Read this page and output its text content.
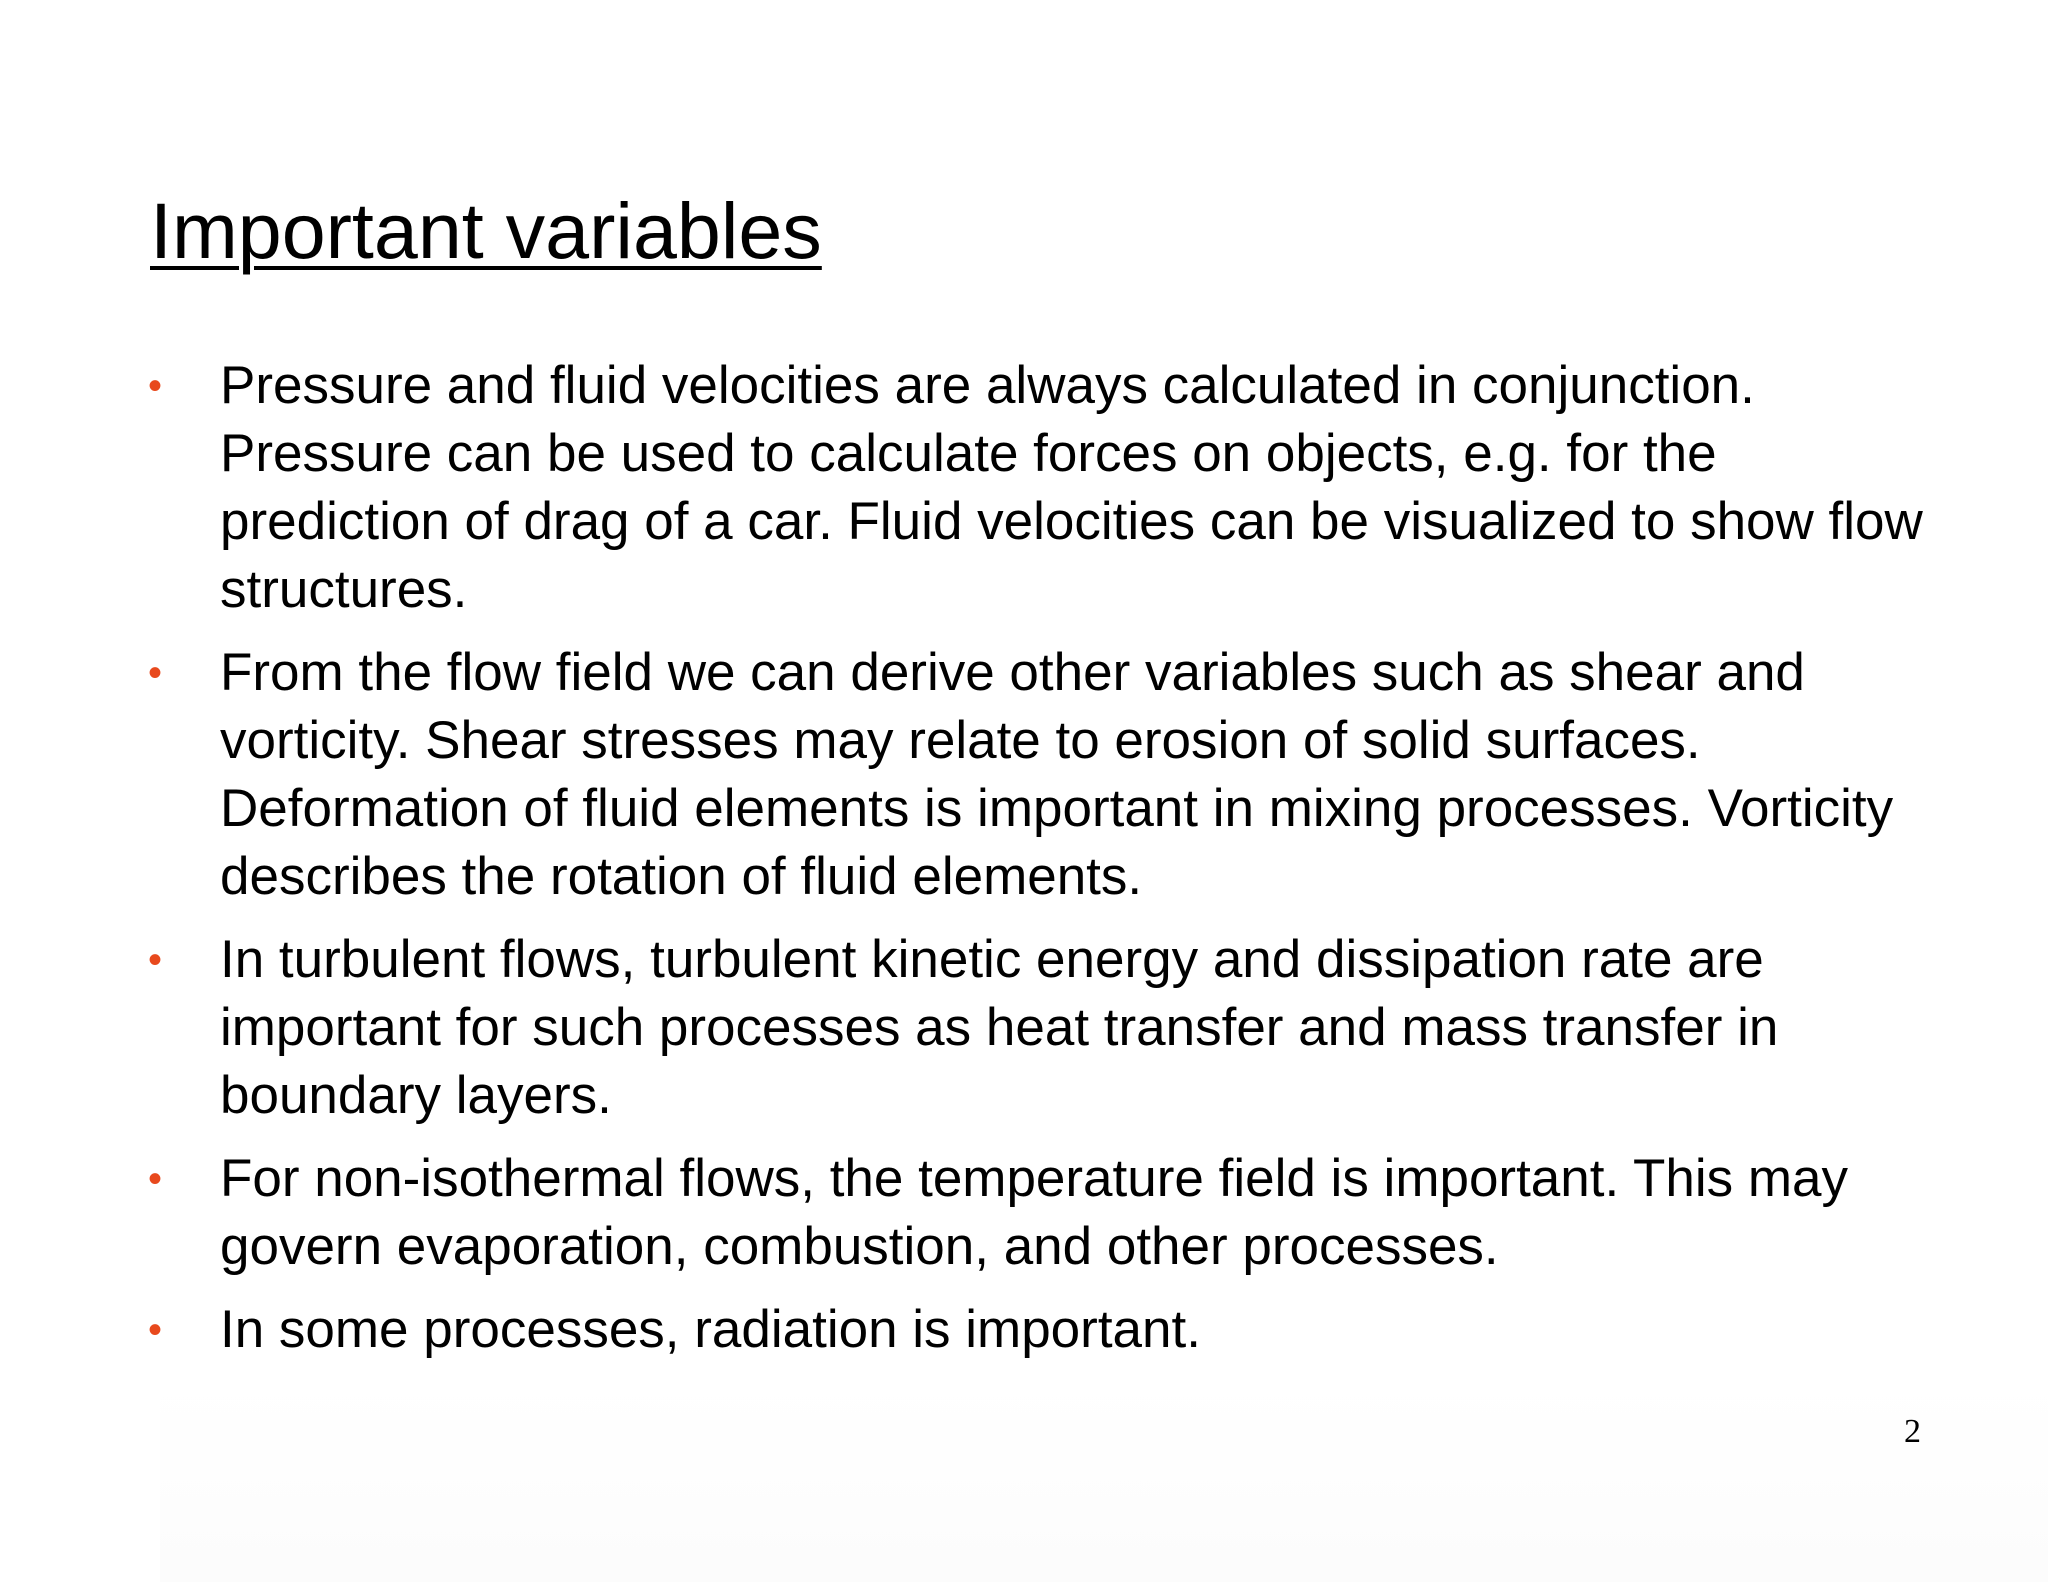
Important variables
•	Pressure and fluid velocities are always calculated in conjunction. Pressure can be used to calculate forces on objects, e.g. for the prediction of drag of a car. Fluid velocities can be visualized to show flow structures.
•	From the flow field we can derive other variables such as shear and vorticity. Shear stresses may relate to erosion of solid surfaces. Deformation of fluid elements is important in mixing processes. Vorticity describes the rotation of fluid elements.
•	In turbulent flows, turbulent kinetic energy and dissipation rate are important for such processes as heat transfer and mass transfer in boundary layers.
•	For non-isothermal flows, the temperature field is important. This may govern evaporation, combustion, and other processes.
•	In some processes, radiation is important.
2
